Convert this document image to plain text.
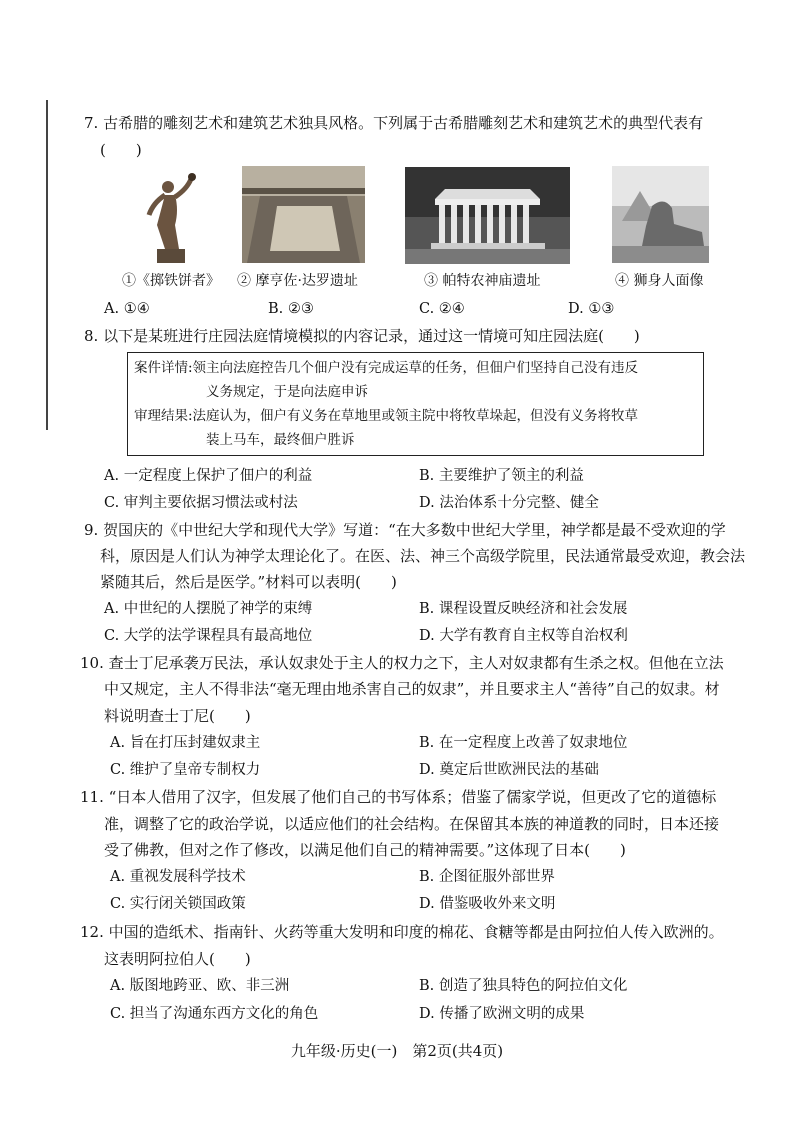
7. 古希腊的雕刻艺术和建筑艺术独具风格。下列属于古希腊雕刻艺术和建筑艺术的典型代表有
(　　)
①《掷铁饼者》 ② 摩亨佐·达罗遗址	③ 帕特农神庙遗址	④ 狮身人面像
A. ①④	B. ②③	C. ②④	D. ①③
8. 以下是某班进行庄园法庭情境模拟的内容记录，通过这一情境可知庄园法庭(　　)
案件详情:领主向法庭控告几个佃户没有完成运草的任务，但佃户们坚持自己没有违反
义务规定，于是向法庭申诉
审理结果:法庭认为，佃户有义务在草地里或领主院中将牧草垛起，但没有义务将牧草
装上马车，最终佃户胜诉
A. 一定程度上保护了佃户的利益	B. 主要维护了领主的利益
C. 审判主要依据习惯法或村法	D. 法治体系十分完整、健全
9. 贺国庆的《中世纪大学和现代大学》写道：“在大多数中世纪大学里，神学都是最不受欢迎的学
科，原因是人们认为神学太理论化了。在医、法、神三个高级学院里，民法通常最受欢迎，教会法
紧随其后，然后是医学。”材料可以表明(　　)
A. 中世纪的人摆脱了神学的束缚	B. 课程设置反映经济和社会发展
C. 大学的法学课程具有最高地位	D. 大学有教育自主权等自治权利
10. 查士丁尼承袭万民法，承认奴隶处于主人的权力之下，主人对奴隶都有生杀之权。但他在立法
中又规定，主人不得非法“毫无理由地杀害自己的奴隶”，并且要求主人“善待”自己的奴隶。材
料说明查士丁尼(　　)
A. 旨在打压封建奴隶主	B. 在一定程度上改善了奴隶地位
C. 维护了皇帝专制权力	D. 奠定后世欧洲民法的基础
11. “日本人借用了汉字，但发展了他们自己的书写体系；借鉴了儒家学说，但更改了它的道德标
准，调整了它的政治学说，以适应他们的社会结构。在保留其本族的神道教的同时，日本还接
受了佛教，但对之作了修改，以满足他们自己的精神需要。”这体现了日本(　　)
A. 重视发展科学技术	B. 企图征服外部世界
C. 实行闭关锁国政策	D. 借鉴吸收外来文明
12. 中国的造纸术、指南针、火药等重大发明和印度的棉花、食糖等都是由阿拉伯人传入欧洲的。
这表明阿拉伯人(　　)
A. 版图地跨亚、欧、非三洲	B. 创造了独具特色的阿拉伯文化
C. 担当了沟通东西方文化的角色	D. 传播了欧洲文明的成果
九年级·历史(一)　第2页(共4页)
